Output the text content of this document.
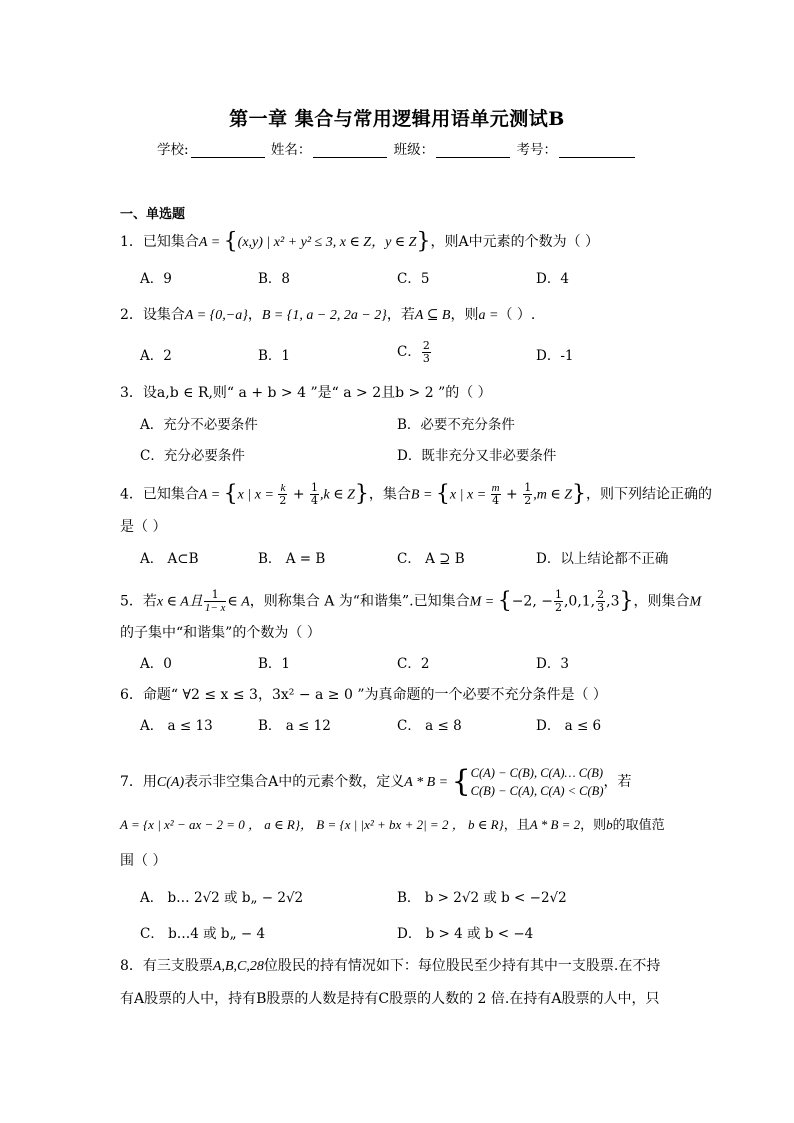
第一章 集合与常用逻辑用语单元测试B
学校:	姓名：	班级：	考号：
一、单选题
1．已知集合A = {(x,y) | x² + y² ≤ 3, x ∈ Z，y ∈ Z}，则A中元素的个数为（ ）
A．9	B．8	C．5	D．4
2．设集合A = {0,−a}，B = {1, a − 2, 2a − 2}，若A ⊆ B，则a =（ ）.
A．2	B．1	C． $\frac{2}{3}$	D．-1
3．设a,b ∈ R,则“ a + b > 4 ”是“ a > 2且b > 2 ”的（ ）
A．充分不必要条件	B．必要不充分条件
C．充分必要条件	D．既非充分又非必要条件
4．已知集合A = {x | $x = \frac{k}{2} + \frac{1}{4} ,k$ ∈ Z}，集合B = {x | $x = \frac{m}{4} + \frac{1}{2} ,m$ ∈ Z}，则下列结论正确的
是（ ）
A． A⊂B	B． A = B	C． A ⊇ B	D．以上结论都不正确
5．若x ∈ A且 $\frac{1}{1- x}$ ∈ A，则称集合 A 为“和谐集”.已知集合M = {−2, − $\frac{1}{2} ,0,1$, $\frac{2}{3} ,3$}，则集合M
的子集中“和谐集”的个数为（ ）
A．0	B．1	C．2	D．3
6．命题“ ∀2 ≤ x ≤ 3，3x² − a ≥ 0 ”为真命题的一个必要不充分条件是（ ）
A． a ≤ 13	B． a ≤ 12	C． a ≤ 8	D． a ≤ 6
7．用C(A)表示非空集合A中的元素个数，定义A * B = { C(A) − C(B), C(A)… C(B)
C(B) − C(A), C(A) < C(B)
，若
A = {x | x² − ax − 2 = 0 ， a ∈ R}， B = {x | |x² + bx + 2| = 2 ， b ∈ R}，且A * B = 2，则b的取值范
围（ ）
A． b… 2√2 或 b„ − 2√2	B． b > 2√2 或 b < −2√2
C． b…4 或 b„ − 4	D． b > 4 或 b < −4
8．有三支股票A,B,C,28位股民的持有情况如下：每位股民至少持有其中一支股票.在不持
有A股票的人中，持有B股票的人数是持有C股票的人数的 2 倍.在持有A股票的人中，只
